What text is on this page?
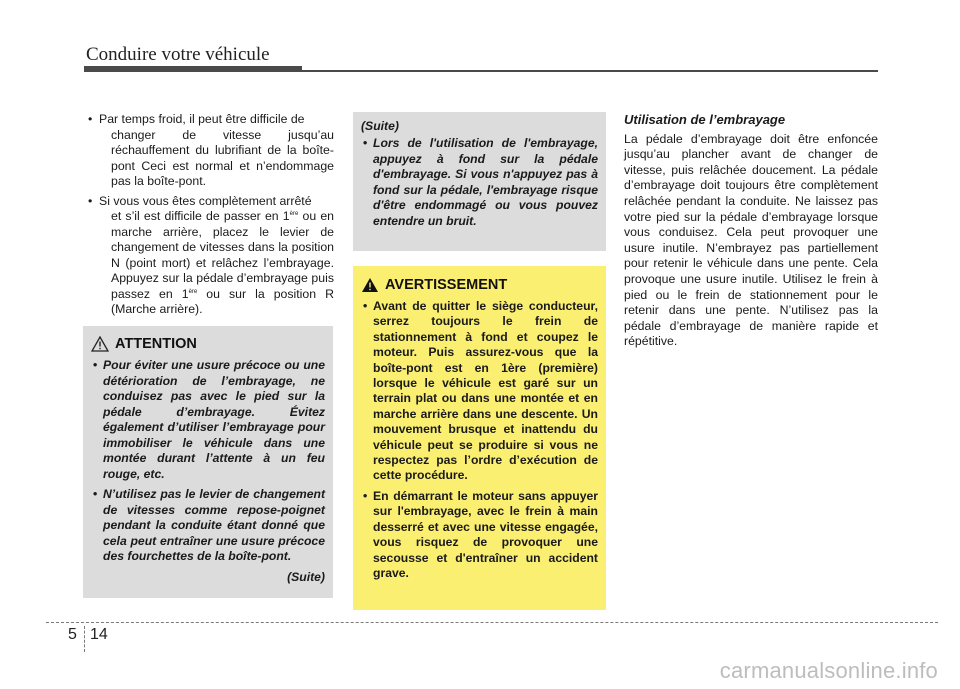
Conduire votre véhicule
• Par temps froid, il peut être difficile de
changer de vitesse jusqu’au réchauffement du lubrifiant de la boîte-pont Ceci est normal et n’endommage pas la boîte-pont.
• Si vous vous êtes complètement arrêté
et s’il est difficile de passer en 1ère ou en marche arrière, placez le levier de changement de vitesses dans la position N (point mort) et relâchez l’embrayage. Appuyez sur la pédale d’embrayage puis passez en 1ère ou sur la position R (Marche arrière).
ATTENTION
• Pour éviter une usure précoce ou une détérioration de l’embrayage, ne conduisez pas avec le pied sur la pédale d’embrayage. Évitez également d’utiliser l’embrayage pour immobiliser le véhicule dans une montée durant l’attente à un feu rouge, etc.
• N’utilisez pas le levier de changement de vitesses comme repose-poignet pendant la conduite étant donné que cela peut entraîner une usure précoce des fourchettes de la boîte-pont.
(Suite)
(Suite)
• Lors de l'utilisation de l'embrayage, appuyez à fond sur la pédale d'embrayage. Si vous n'appuyez pas à fond sur la pédale, l'embrayage risque d'être endommagé ou vous pouvez entendre un bruit.
AVERTISSEMENT
• Avant de quitter le siège conducteur, serrez toujours le frein de stationnement à fond et coupez le moteur. Puis assurez-vous que la boîte-pont est en 1ère (première) lorsque le véhicule est garé sur un terrain plat ou dans une montée et en marche arrière dans une descente. Un mouvement brusque et inattendu du véhicule peut se produire si vous ne respectez pas l’ordre d’exécution de cette procédure.
• En démarrant le moteur sans appuyer sur l'embrayage, avec le frein à main desserré et avec une vitesse engagée, vous risquez de provoquer une secousse et d'entraîner un accident grave.
Utilisation de l’embrayage
La pédale d’embrayage doit être enfoncée jusqu’au plancher avant de changer de vitesse, puis relâchée doucement. La pédale d’embrayage doit toujours être complètement relâchée pendant la conduite. Ne laissez pas votre pied sur la pédale d’embrayage lorsque vous conduisez. Cela peut provoquer une usure inutile. N’embrayez pas partiellement pour retenir le véhicule dans une pente. Cela provoque une usure inutile. Utilisez le frein à pied ou le frein de stationnement pour le retenir dans une pente. N’utilisez pas la pédale d’embrayage de manière rapide et répétitive.
5 14
carmanualsonline.info
